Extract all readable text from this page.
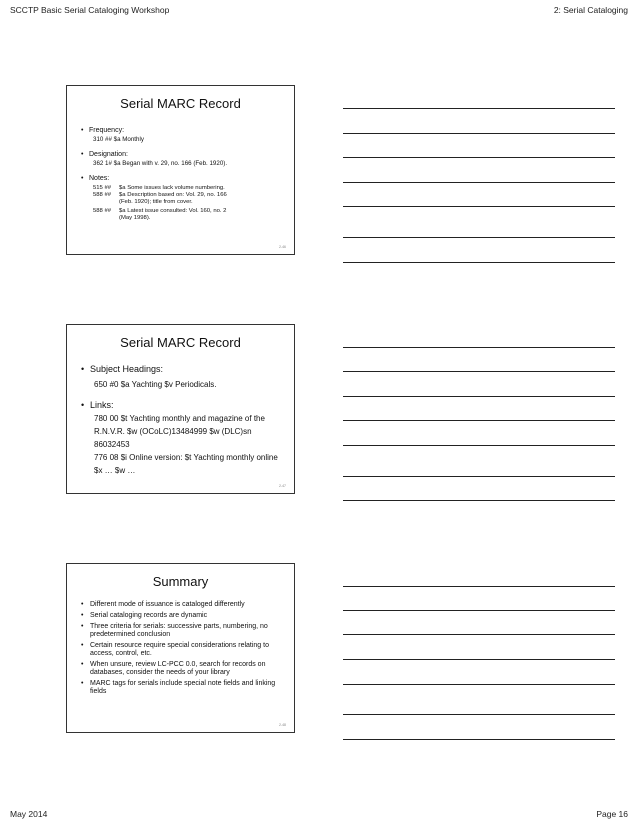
SCCTP Basic Serial Cataloging Workshop	2: Serial Cataloging
Serial MARC Record
• Frequency:
310 ## $a Monthly
• Designation:
362 1# $a Began with v. 29, no. 166 (Feb. 1920).
• Notes:
515 ##	$a Some issues lack volume numbering.
588 ##	$a Description based on: Vol. 29, no. 166
(Feb. 1920); title from cover.
588 ##	$a Latest issue consulted: Vol. 160, no. 2
(May 1998).
2-46
Serial MARC Record
• Subject Headings:
650 #0 $a Yachting $v Periodicals.
• Links:
780 00 $t Yachting monthly and magazine of the
R.N.V.R. $w (OCoLC)13484999 $w (DLC)sn 86032453
776 08 $i Online version: $t Yachting monthly online
$x … $w …
2-47
Summary
• Different mode of issuance is cataloged differently
• Serial cataloging records are dynamic
• Three criteria for serials: successive parts, numbering, no predetermined conclusion
• Certain resource require special considerations relating to access, control, etc.
• When unsure, review LC-PCC 0.0, search for records on databases, consider the needs of your library
• MARC tags for serials include special note fields and linking fields
2-48
May 2014	Page 16
